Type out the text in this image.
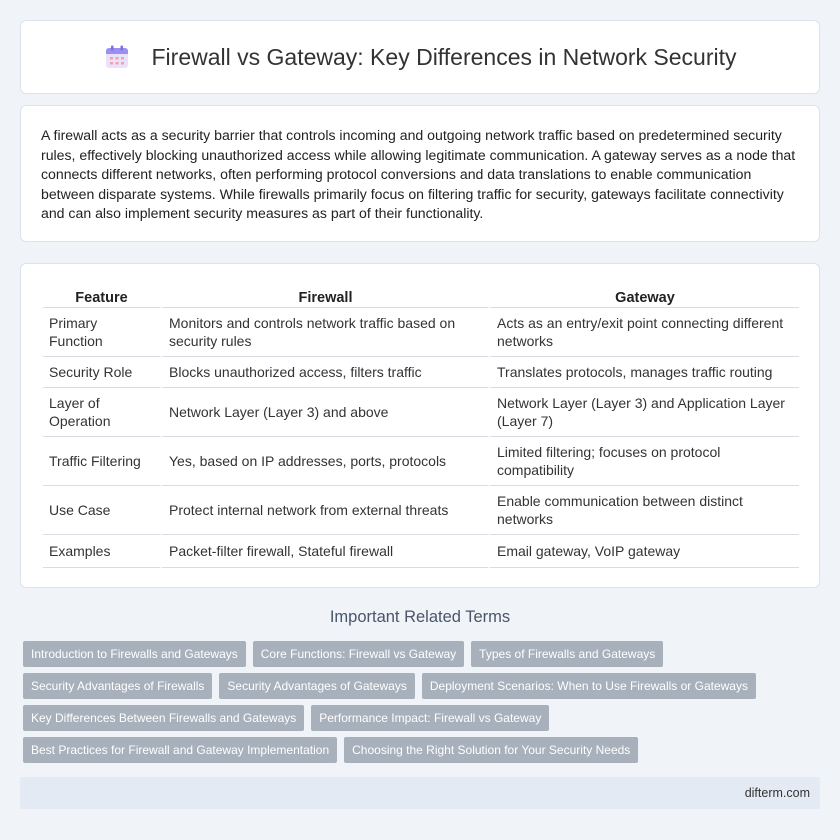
Firewall vs Gateway: Key Differences in Network Security

A firewall acts as a security barrier that controls incoming and outgoing network traffic based on predetermined security rules, effectively blocking unauthorized access while allowing legitimate communication. A gateway serves as a node that connects different networks, often performing protocol conversions and data translations to enable communication between disparate systems. While firewalls primarily focus on filtering traffic for security, gateways facilitate connectivity and can also implement security measures as part of their functionality.

Feature	Firewall	Gateway
Primary Function	Monitors and controls network traffic based on security rules	Acts as an entry/exit point connecting different networks
Security Role	Blocks unauthorized access, filters traffic	Translates protocols, manages traffic routing
Layer of Operation	Network Layer (Layer 3) and above	Network Layer (Layer 3) and Application Layer (Layer 7)
Traffic Filtering	Yes, based on IP addresses, ports, protocols	Limited filtering; focuses on protocol compatibility
Use Case	Protect internal network from external threats	Enable communication between distinct networks
Examples	Packet-filter firewall, Stateful firewall	Email gateway, VoIP gateway
Important Related Terms
Introduction to Firewalls and Gateways	Core Functions: Firewall vs Gateway	Types of Firewalls and Gateways
Security Advantages of Firewalls	Security Advantages of Gateways	Deployment Scenarios: When to Use Firewalls or Gateways
Key Differences Between Firewalls and Gateways	Performance Impact: Firewall vs Gateway
Best Practices for Firewall and Gateway Implementation	Choosing the Right Solution for Your Security Needs
difterm.com
